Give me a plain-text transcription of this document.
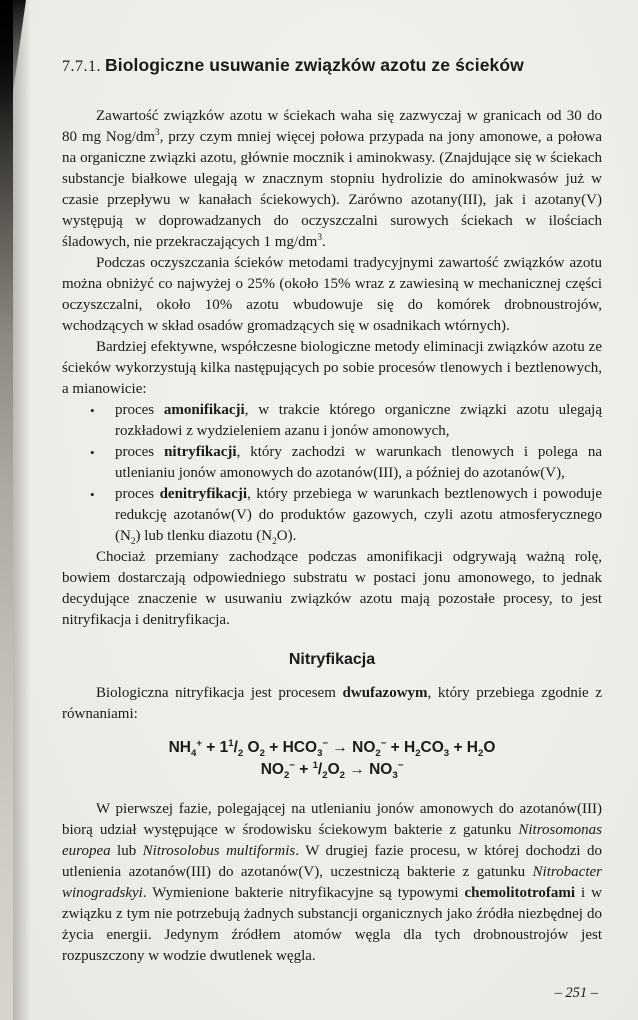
7.7.1. Biologiczne usuwanie związków azotu ze ścieków

Zawartość związków azotu w ściekach waha się zazwyczaj w granicach od 30 do 80 mg Nog/$dm^3$, przy czym mniej więcej połowa przypada na jony amonowe, a połowa na organiczne związki azotu, głównie mocznik i aminokwasy. (Znajdujące się w ściekach substancje białkowe ulegają w znacznym stopniu hydrolizie do aminokwasów już w czasie przepływu w kanałach ściekowych). Zarówno azotany(III), jak i azotany(V) występują w doprowadzanych do oczyszczalni surowych ściekach w ilościach śladowych, nie przekraczających 1 $mg/dm^3$.

Podczas oczyszczania ścieków metodami tradycyjnymi zawartość związków azotu można obniżyć co najwyżej o 25% (około 15% wraz z zawiesiną w mechanicznej części oczyszczalni, około 10% azotu wbudowuje się do komórek drobnoustrojów, wchodzących w skład osadów gromadzących się w osadnikach wtórnych).

Bardziej efektywne, współczesne biologiczne metody eliminacji związków azotu ze ścieków wykorzystują kilka następujących po sobie procesów tlenowych i beztlenowych, a mianowicie:

• proces amonifikacji, w trakcie którego organiczne związki azotu ulegają rozkładowi z wydzieleniem azanu i jonów amonowych,
• proces nitryfikacji, który zachodzi w warunkach tlenowych i polega na utlenianiu jonów amonowych do azotanów(III), a później do azotanów(V),
• proces denitryfikacji, który przebiega w warunkach beztlenowych i powoduje redukcję azotanów(V) do produktów gazowych, czyli azotu atmosferycznego $(N_2)$ lub tlenku diazotu $(N_2O)$.

Chociaż przemiany zachodzące podczas amonifikacji odgrywają ważną rolę, bowiem dostarczają odpowiedniego substratu w postaci jonu amonowego, to jednak decydujące znaczenie w usuwaniu związków azotu mają pozostałe procesy, to jest nitryfikacja i denitryfikacja.

Nitryfikacja

Biologiczna nitryfikacja jest procesem dwufazowym, który przebiega zgodnie z równaniami:

$NH_4^+ + 1^1/_2$ $O_2 + HCO_3^- \to NO_2^- + H_2CO_3 + H_2O$
$NO_2^- + ^1/_2O_2 \to NO_3^-$

W pierwszej fazie, polegającej na utlenianiu jonów amonowych do azotanów(III) biorą udział występujące w środowisku ściekowym bakterie z gatunku Nitrosomonas europea lub Nitrosolobus multiformis. W drugiej fazie procesu, w której dochodzi do utlenienia azotanów(III) do azotanów(V), uczestniczą bakterie z gatunku Nitrobacter winogradskyi. Wymienione bakterie nitryfikacyjne są typowymi chemolitotrofami i w związku z tym nie potrzebują żadnych substancji organicznych jako źródła niezbędnej do życia energii. Jedynym źródłem atomów węgla dla tych drobnoustrojów jest rozpuszczony w wodzie dwutlenek węgla.

– 251 –
